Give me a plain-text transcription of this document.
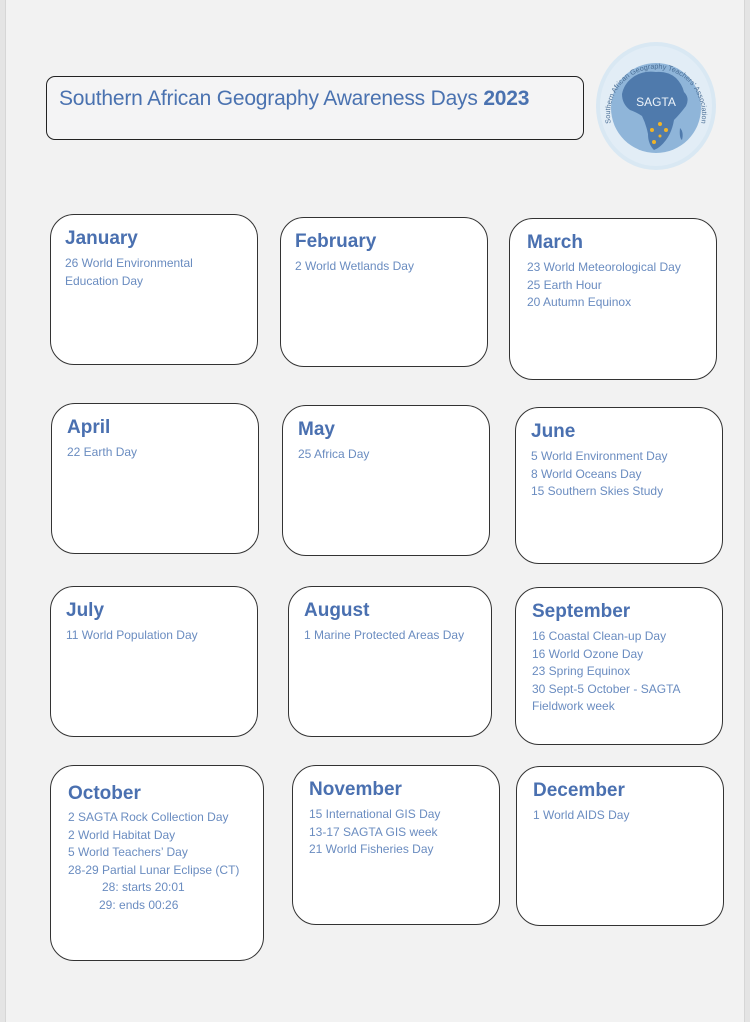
Southern African Geography Awareness Days 2023	SAGTA
Southern African Geography Teachers' Association
January
26 World Environmental
Education Day
February
2 World Wetlands Day
March
23 World Meteorological Day
25 Earth Hour
20 Autumn Equinox
April
22 Earth Day
May
25 Africa Day
June
5 World Environment Day
8 World Oceans Day
15 Southern Skies Study
July
11 World Population Day
August
1 Marine Protected Areas Day
September
16 Coastal Clean-up Day
16 World Ozone Day
23 Spring Equinox
30 Sept-5 October - SAGTA
Fieldwork week
October
2 SAGTA Rock Collection Day
2 World Habitat Day
5 World Teachers’ Day
28-29 Partial Lunar Eclipse (CT)
28: starts 20:01
29: ends 00:26
November
15 International GIS Day
13-17 SAGTA GIS week
21 World Fisheries Day
December
1 World AIDS Day
